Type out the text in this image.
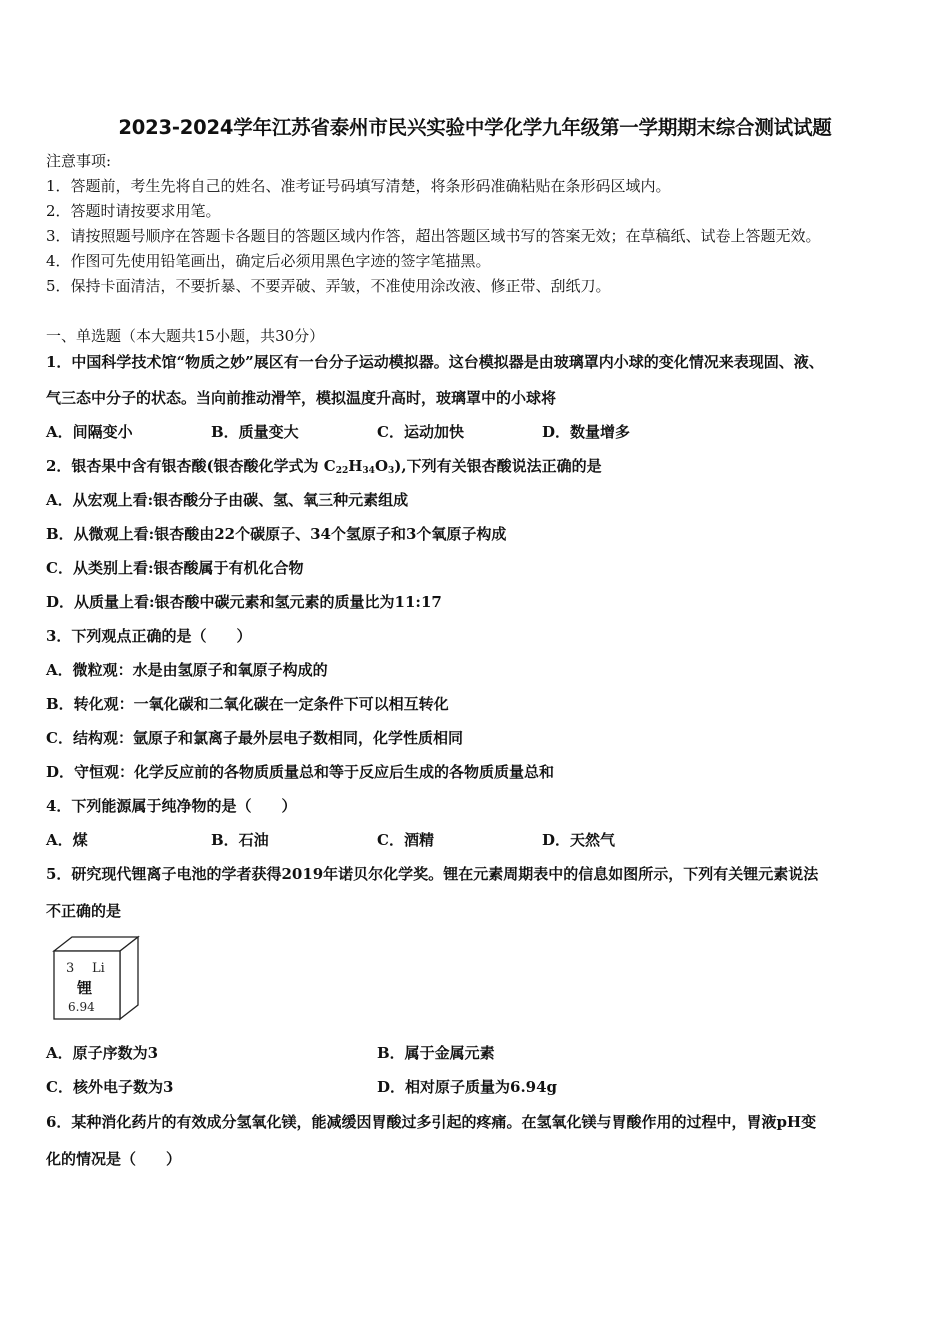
2023-2024学年江苏省泰州市民兴实验中学化学九年级第一学期期末综合测试试题
注意事项:
1．答题前，考生先将自己的姓名、准考证号码填写清楚，将条形码准确粘贴在条形码区域内。
2．答题时请按要求用笔。
3．请按照题号顺序在答题卡各题目的答题区域内作答，超出答题区域书写的答案无效；在草稿纸、试卷上答题无效。
4．作图可先使用铅笔画出，确定后必须用黑色字迹的签字笔描黑。
5．保持卡面清洁，不要折暴、不要弄破、弄皱，不准使用涂改液、修正带、刮纸刀。
一、单选题（本大题共15小题，共30分）
1．中国科学技术馆“物质之妙”展区有一台分子运动模拟器。这台模拟器是由玻璃罩内小球的变化情况来表现固、液、
气三态中分子的状态。当向前推动滑竿，模拟温度升高时，玻璃罩中的小球将
A．间隔变小	B．质量变大	C．运动加快	D．数量增多
2．银杏果中含有银杏酸(银杏酸化学式为 $C_{22}H_{34}O_3$),下列有关银杏酸说法正确的是
A．从宏观上看:银杏酸分子由碳、氢、氧三种元素组成
B．从微观上看:银杏酸由22个碳原子、34个氢原子和3个氧原子构成
C．从类别上看:银杏酸属于有机化合物
D．从质量上看:银杏酸中碳元素和氢元素的质量比为11:17
3．下列观点正确的是（　　）
A．微粒观：水是由氢原子和氧原子构成的
B．转化观：一氧化碳和二氧化碳在一定条件下可以相互转化
C．结构观：氩原子和氯离子最外层电子数相同，化学性质相同
D．守恒观：化学反应前的各物质质量总和等于反应后生成的各物质质量总和
4．下列能源属于纯净物的是（　　）
A．煤	B．石油	C．酒精	D．天然气
5．研究现代锂离子电池的学者获得2019年诺贝尔化学奖。锂在元素周期表中的信息如图所示，下列有关锂元素说法
不正确的是
3 Li
锂
6.94
A．原子序数为3	B．属于金属元素
C．核外电子数为3	D．相对原子质量为6.94g
6．某种消化药片的有效成分氢氧化镁，能减缓因胃酸过多引起的疼痛。在氢氧化镁与胃酸作用的过程中，胃液pH变
化的情况是（　　）
